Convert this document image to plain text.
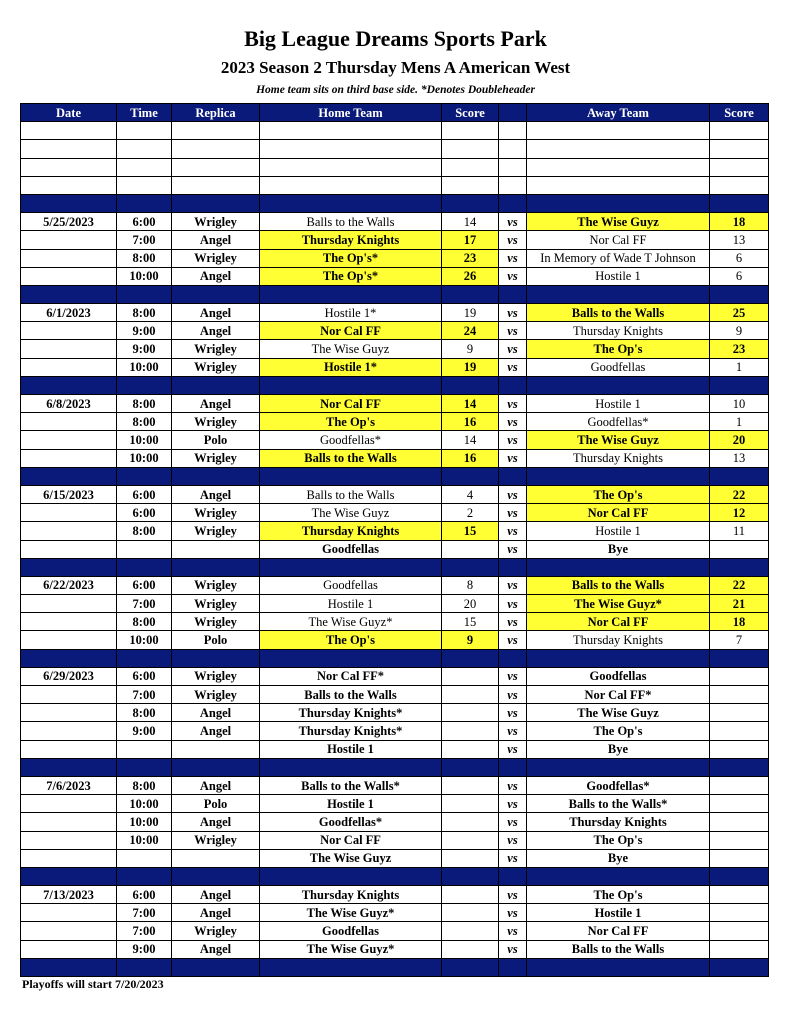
Big League Dreams Sports Park
2023 Season 2 Thursday Mens A American West

Home team sits on third base side. *Denotes Doubleheader

Date	Time	Replica	Home Team	Score		Away Team	Score

5/25/2023	6:00	Wrigley	Balls to the Walls	14	vs	The Wise Guyz	18
	7:00	Angel	Thursday Knights	17	vs	Nor Cal FF	13
	8:00	Wrigley	The Op's*	23	vs	In Memory of Wade T Johnson	6
	10:00	Angel	The Op's*	26	vs	Hostile 1	6

6/1/2023	8:00	Angel	Hostile 1*	19	vs	Balls to the Walls	25
	9:00	Angel	Nor Cal FF	24	vs	Thursday Knights	9
	9:00	Wrigley	The Wise Guyz	9	vs	The Op's	23
	10:00	Wrigley	Hostile 1*	19	vs	Goodfellas	1

6/8/2023	8:00	Angel	Nor Cal FF	14	vs	Hostile 1	10
	8:00	Wrigley	The Op's	16	vs	Goodfellas*	1
	10:00	Polo	Goodfellas*	14	vs	The Wise Guyz	20
	10:00	Wrigley	Balls to the Walls	16	vs	Thursday Knights	13

6/15/2023	6:00	Angel	Balls to the Walls	4	vs	The Op's	22
	6:00	Wrigley	The Wise Guyz	2	vs	Nor Cal FF	12
	8:00	Wrigley	Thursday Knights	15	vs	Hostile 1	11
			Goodfellas		vs	Bye	

6/22/2023	6:00	Wrigley	Goodfellas	8	vs	Balls to the Walls	22
	7:00	Wrigley	Hostile 1	20	vs	The Wise Guyz*	21
	8:00	Wrigley	The Wise Guyz*	15	vs	Nor Cal FF	18
	10:00	Polo	The Op's	9	vs	Thursday Knights	7

6/29/2023	6:00	Wrigley	Nor Cal FF*		vs	Goodfellas	
	7:00	Wrigley	Balls to the Walls		vs	Nor Cal FF*	
	8:00	Angel	Thursday Knights*		vs	The Wise Guyz	
	9:00	Angel	Thursday Knights*		vs	The Op's	
			Hostile 1		vs	Bye	

7/6/2023	8:00	Angel	Balls to the Walls*		vs	Goodfellas*	
	10:00	Polo	Hostile 1		vs	Balls to the Walls*	
	10:00	Angel	Goodfellas*		vs	Thursday Knights	
	10:00	Wrigley	Nor Cal FF		vs	The Op's	
			The Wise Guyz		vs	Bye	

7/13/2023	6:00	Angel	Thursday Knights		vs	The Op's	
	7:00	Angel	The Wise Guyz*		vs	Hostile 1	
	7:00	Wrigley	Goodfellas		vs	Nor Cal FF	
	9:00	Angel	The Wise Guyz*		vs	Balls to the Walls	

Playoffs will start 7/20/2023
